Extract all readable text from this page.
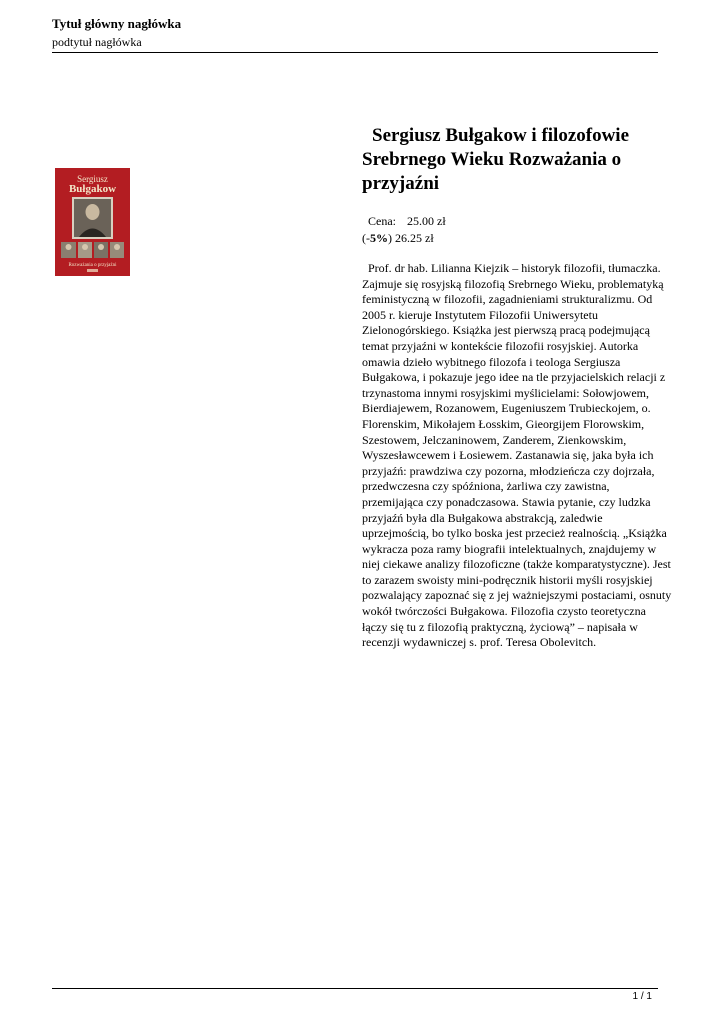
Tytuł główny nagłówka
podtytuł nagłówka
Sergiusz
Bułgakow
Rozważania o przyjaźni
Sergiusz Bułgakow i filozofowie Srebrnego Wieku Rozważania o przyjaźni
Cena: 25.00 zł
(-5%) 26.25 zł
Prof. dr hab. Lilianna Kiejzik – historyk filozofii, tłumaczka. Zajmuje się rosyjską filozofią Srebrnego Wieku, problematyką feministyczną w filozofii, zagadnieniami strukturalizmu. Od 2005 r. kieruje Instytutem Filozofii Uniwersytetu Zielonogórskiego. Książka jest pierwszą pracą podejmującą temat przyjaźni w kontekście filozofii rosyjskiej. Autorka omawia dzieło wybitnego filozofa i teologa Sergiusza Bułgakowa, i pokazuje jego idee na tle przyjacielskich relacji z trzynastoma innymi rosyjskimi myślicielami: Sołowjowem, Bierdiajewem, Rozanowem, Eugeniuszem Trubieckojem, o. Florenskim, Mikołajem Łosskim, Gieorgijem Florowskim, Szestowem, Jelczaninowem, Zanderem, Zienkowskim, Wyszesławcewem i Łosiewem. Zastanawia się, jaka była ich przyjaźń: prawdziwa czy pozorna, młodzieńcza czy dojrzała, przedwczesna czy spóźniona, żarliwa czy zawistna, przemijająca czy ponadczasowa. Stawia pytanie, czy ludzka przyjaźń była dla Bułgakowa abstrakcją, zaledwie uprzejmością, bo tylko boska jest przecież realnością. „Książka wykracza poza ramy biografii intelektualnych, znajdujemy w niej ciekawe analizy filozoficzne (także komparatystyczne). Jest to zarazem swoisty mini-podręcznik historii myśli rosyjskiej pozwalający zapoznać się z jej ważniejszymi postaciami, osnuty wokół twórczości Bułgakowa. Filozofia czysto teoretyczna łączy się tu z filozofią praktyczną, życiową” – napisała w recenzji wydawniczej s. prof. Teresa Obolevitch.
1 / 1
